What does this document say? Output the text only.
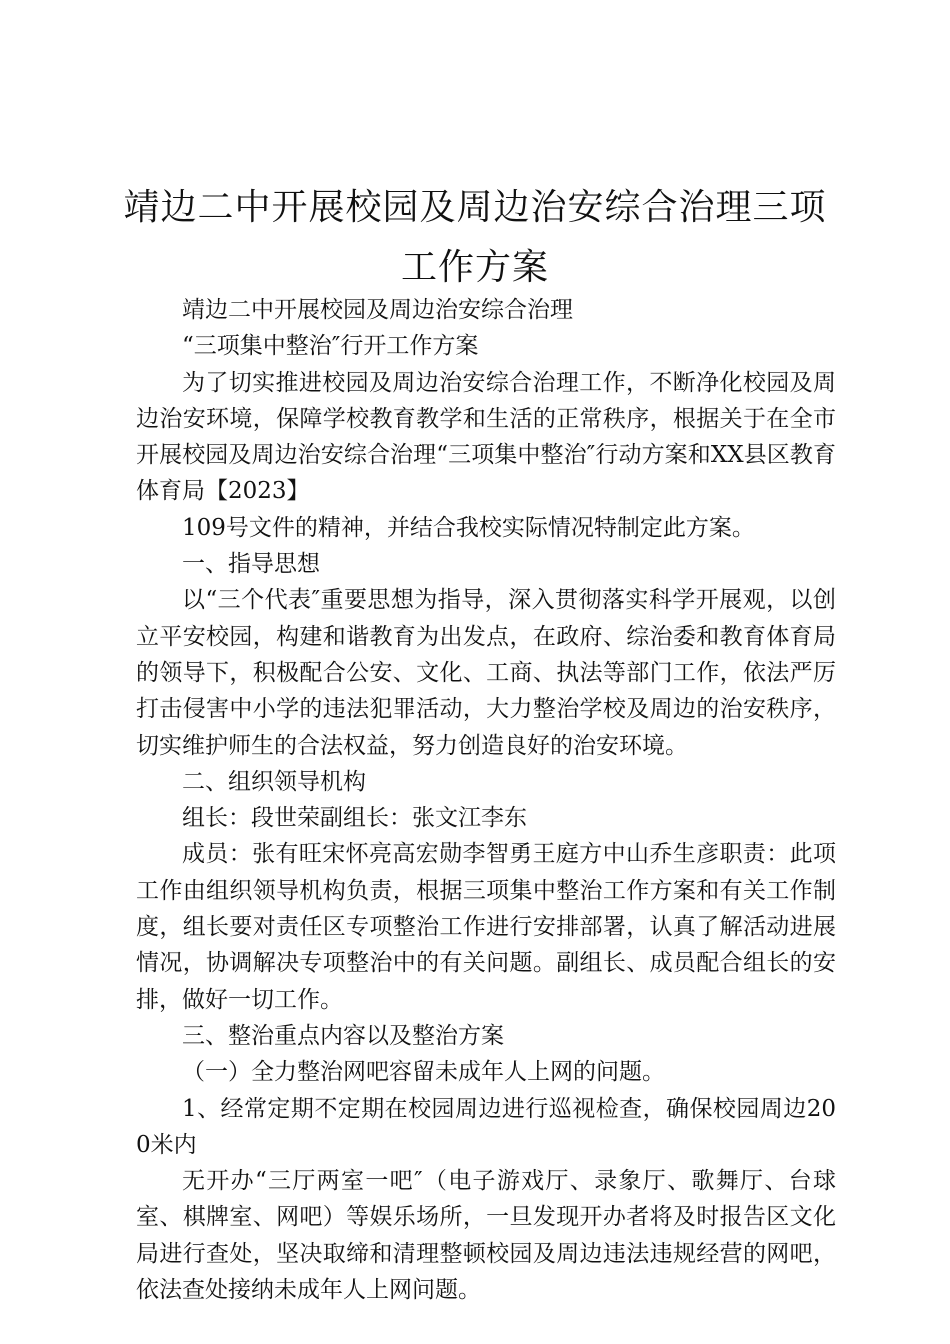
靖边二中开展校园及周边治安综合治理三项
工作方案

靖边二中开展校园及周边治安综合治理

“三项集中整治″行开工作方案

为了切实推进校园及周边治安综合治理工作，不断净化校园及周边治安环境，保障学校教育教学和生活的正常秩序，根据关于在全市开展校园及周边治安综合治理“三项集中整治″行动方案和XX县区教育体育局【2023】

109号文件的精神，并结合我校实际情况特制定此方案。

一、指导思想

以“三个代表″重要思想为指导，深入贯彻落实科学开展观，以创立平安校园，构建和谐教育为出发点，在政府、综治委和教育体育局的领导下，积极配合公安、文化、工商、执法等部门工作，依法严厉打击侵害中小学的违法犯罪活动，大力整治学校及周边的治安秩序，切实维护师生的合法权益，努力创造良好的治安环境。

二、组织领导机构

组长：段世荣副组长：张文江李东

成员：张有旺宋怀亮高宏勋李智勇王庭方中山乔生彦职责：此项工作由组织领导机构负责，根据三项集中整治工作方案和有关工作制度，组长要对责任区专项整治工作进行安排部署，认真了解活动进展情况，协调解决专项整治中的有关问题。副组长、成员配合组长的安排，做好一切工作。

三、整治重点内容以及整治方案

（一）全力整治网吧容留未成年人上网的问题。

1、经常定期不定期在校园周边进行巡视检查，确保校园周边200米内

无开办“三厅两室一吧″（电子游戏厅、录象厅、歌舞厅、台球室、棋牌室、网吧）等娱乐场所，一旦发现开办者将及时报告区文化局进行查处，坚决取缔和清理整顿校园及周边违法违规经营的网吧，依法查处接纳未成年人上网问题。
